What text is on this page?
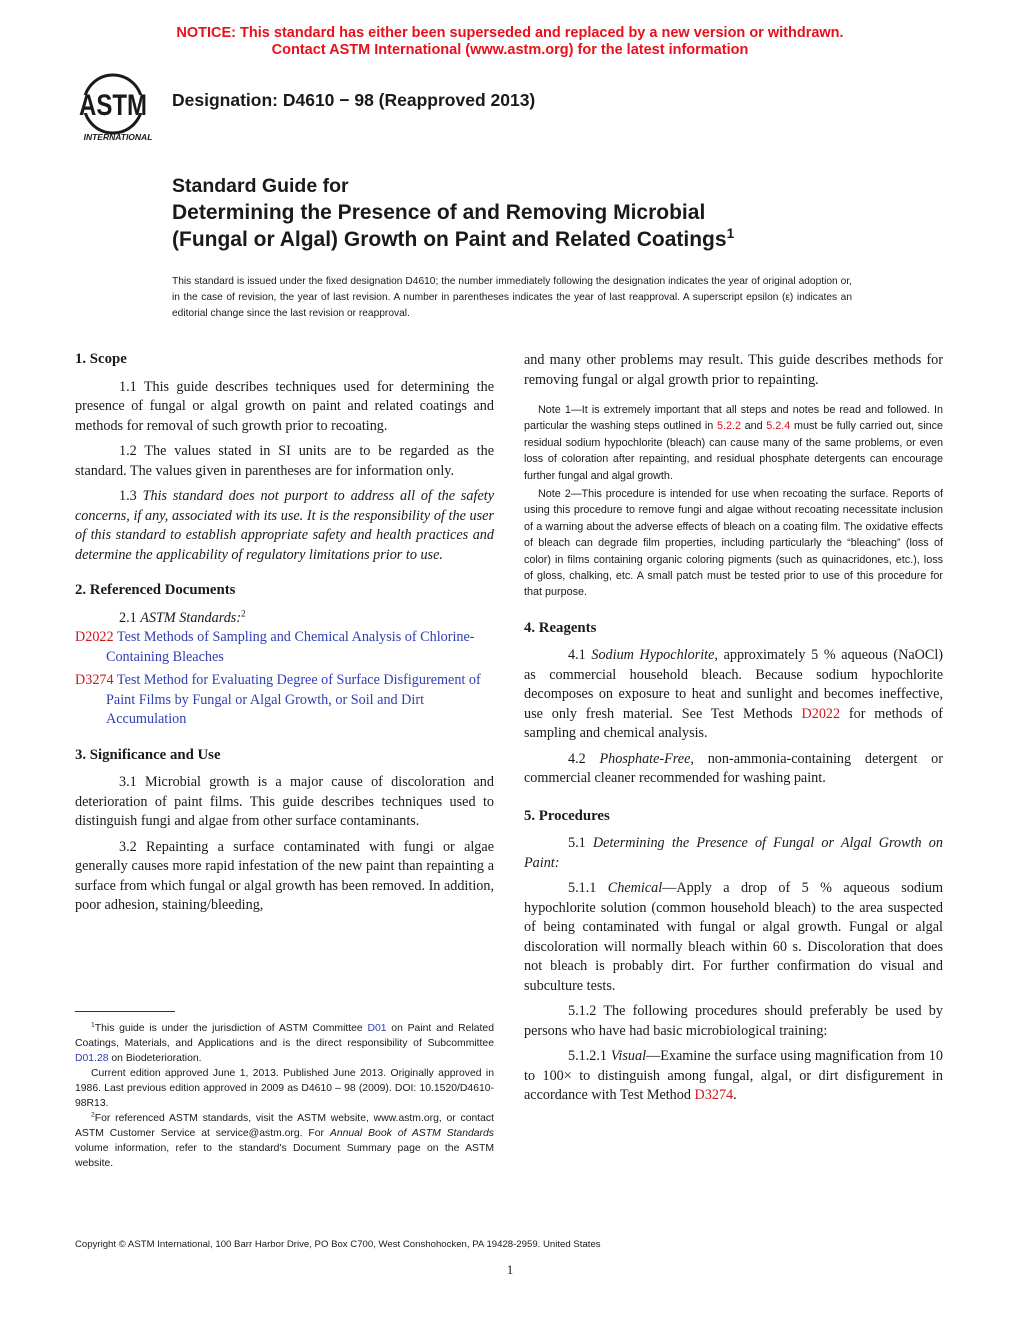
NOTICE: This standard has either been superseded and replaced by a new version or withdrawn.
Contact ASTM International (www.astm.org) for the latest information
ASTM
INTERNATIONAL
Designation: D4610 − 98 (Reapproved 2013)
Standard Guide for
Determining the Presence of and Removing Microbial
(Fungal or Algal) Growth on Paint and Related Coatings$^1$
This standard is issued under the fixed designation D4610; the number immediately following the designation indicates the year of original adoption or, in the case of revision, the year of last revision. A number in parentheses indicates the year of last reapproval. A superscript epsilon (ε) indicates an editorial change since the last revision or reapproval.
1. Scope

1.1 This guide describes techniques used for determining the presence of fungal or algal growth on paint and related coatings and methods for removal of such growth prior to recoating.

1.2 The values stated in SI units are to be regarded as the standard. The values given in parentheses are for information only.

1.3 This standard does not purport to address all of the safety concerns, if any, associated with its use. It is the responsibility of the user of this standard to establish appropriate safety and health practices and determine the applicability of regulatory limitations prior to use.

2. Referenced Documents

2.1 ASTM Standards:$^2$

D2022 Test Methods of Sampling and Chemical Analysis of Chlorine-Containing Bleaches
D3274 Test Method for Evaluating Degree of Surface Disfigurement of Paint Films by Fungal or Algal Growth, or Soil and Dirt Accumulation
3. Significance and Use

3.1 Microbial growth is a major cause of discoloration and deterioration of paint films. This guide describes techniques used to distinguish fungi and algae from other surface contaminants.

3.2 Repainting a surface contaminated with fungi or algae generally causes more rapid infestation of the new paint than repainting a surface from which fungal or algal growth has been removed. In addition, poor adhesion, staining/bleeding,

$^1$This guide is under the jurisdiction of ASTM Committee D01 on Paint and Related Coatings, Materials, and Applications and is the direct responsibility of Subcommittee D01.28 on Biodeterioration.

Current edition approved June 1, 2013. Published June 2013. Originally approved in 1986. Last previous edition approved in 2009 as D4610 – 98 (2009). DOI: 10.1520/D4610-98R13.

$^2$For referenced ASTM standards, visit the ASTM website, www.astm.org, or contact ASTM Customer Service at service@astm.org. For Annual Book of ASTM Standards volume information, refer to the standard's Document Summary page on the ASTM website.

and many other problems may result. This guide describes methods for removing fungal or algal growth prior to repainting.

Note 1—It is extremely important that all steps and notes be read and followed. In particular the washing steps outlined in 5.2.2 and 5.2.4 must be fully carried out, since residual sodium hypochlorite (bleach) can cause many of the same problems, or even loss of coloration after repainting, and residual phosphate detergents can encourage further fungal and algal growth.

Note 2—This procedure is intended for use when recoating the surface. Reports of using this procedure to remove fungi and algae without recoating necessitate inclusion of a warning about the adverse effects of bleach on a coating film. The oxidative effects of bleach can degrade film properties, including particularly the “bleaching” (loss of color) in films containing organic coloring pigments (such as quinacridones, etc.), loss of gloss, chalking, etc. A small patch must be tested prior to use of this procedure for that purpose.

4. Reagents

4.1 Sodium Hypochlorite, approximately 5 % aqueous (NaOCl) as commercial household bleach. Because sodium hypochlorite decomposes on exposure to heat and sunlight and becomes ineffective, use only fresh material. See Test Methods D2022 for methods of sampling and chemical analysis.

4.2 Phosphate-Free, non-ammonia-containing detergent or commercial cleaner recommended for washing paint.

5. Procedures

5.1 Determining the Presence of Fungal or Algal Growth on Paint:

5.1.1 Chemical—Apply a drop of 5 % aqueous sodium hypochlorite solution (common household bleach) to the area suspected of being contaminated with fungal or algal growth. Fungal or algal discoloration will normally bleach within 60 s. Discoloration that does not bleach is probably dirt. For further confirmation do visual and subculture tests.

5.1.2 The following procedures should preferably be used by persons who have had basic microbiological training:

5.1.2.1 Visual—Examine the surface using magnification from 10 to 100× to distinguish among fungal, algal, or dirt disfigurement in accordance with Test Method D3274.

Copyright © ASTM International, 100 Barr Harbor Drive, PO Box C700, West Conshohocken, PA 19428-2959. United States
1
